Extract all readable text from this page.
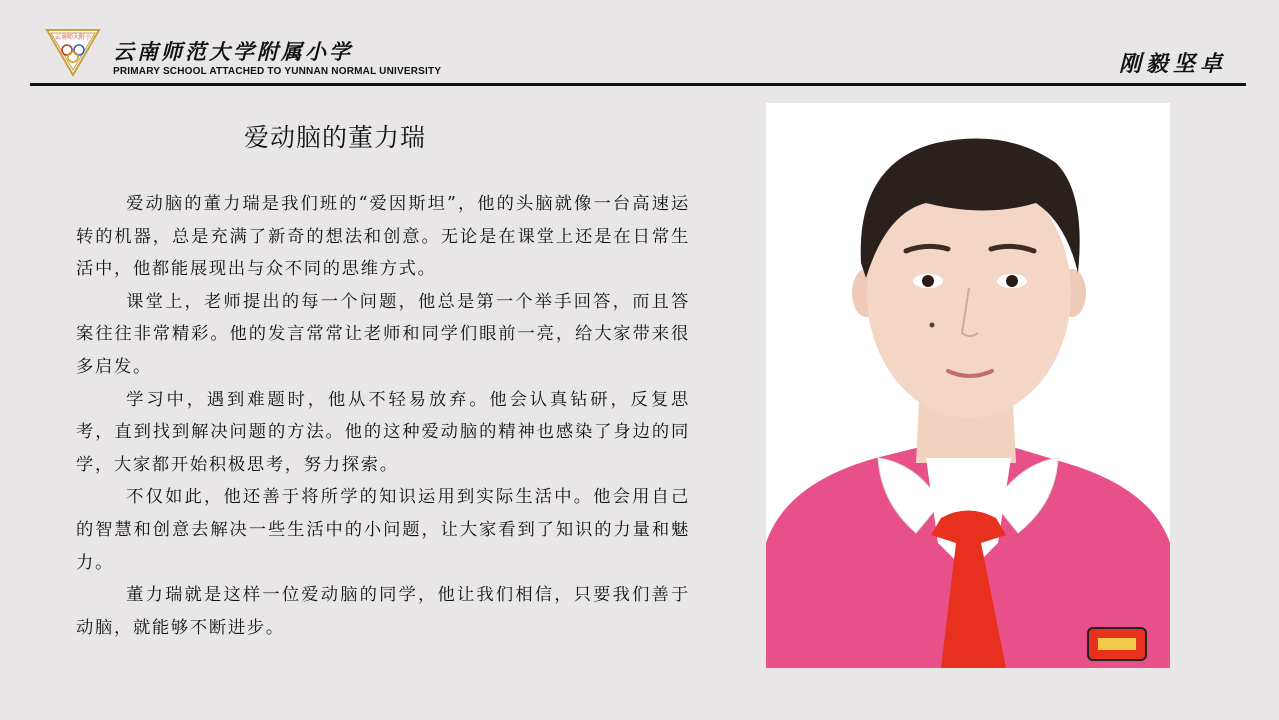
云南师大附小
云南师范大学附属小学
PRIMARY SCHOOL ATTACHED TO YUNNAN NORMAL UNIVERSITY	刚毅坚卓
爱动脑的董力瑞

爱动脑的董力瑞是我们班的“爱因斯坦”，他的头脑就像一台高速运转的机器，总是充满了新奇的想法和创意。无论是在课堂上还是在日常生活中，他都能展现出与众不同的思维方式。

课堂上，老师提出的每一个问题，他总是第一个举手回答，而且答案往往非常精彩。他的发言常常让老师和同学们眼前一亮，给大家带来很多启发。

学习中，遇到难题时，他从不轻易放弃。他会认真钻研，反复思考，直到找到解决问题的方法。他的这种爱动脑的精神也感染了身边的同学，大家都开始积极思考，努力探索。

不仅如此，他还善于将所学的知识运用到实际生活中。他会用自己的智慧和创意去解决一些生活中的小问题，让大家看到了知识的力量和魅力。

董力瑞就是这样一位爱动脑的同学，他让我们相信，只要我们善于动脑，就能够不断进步。
